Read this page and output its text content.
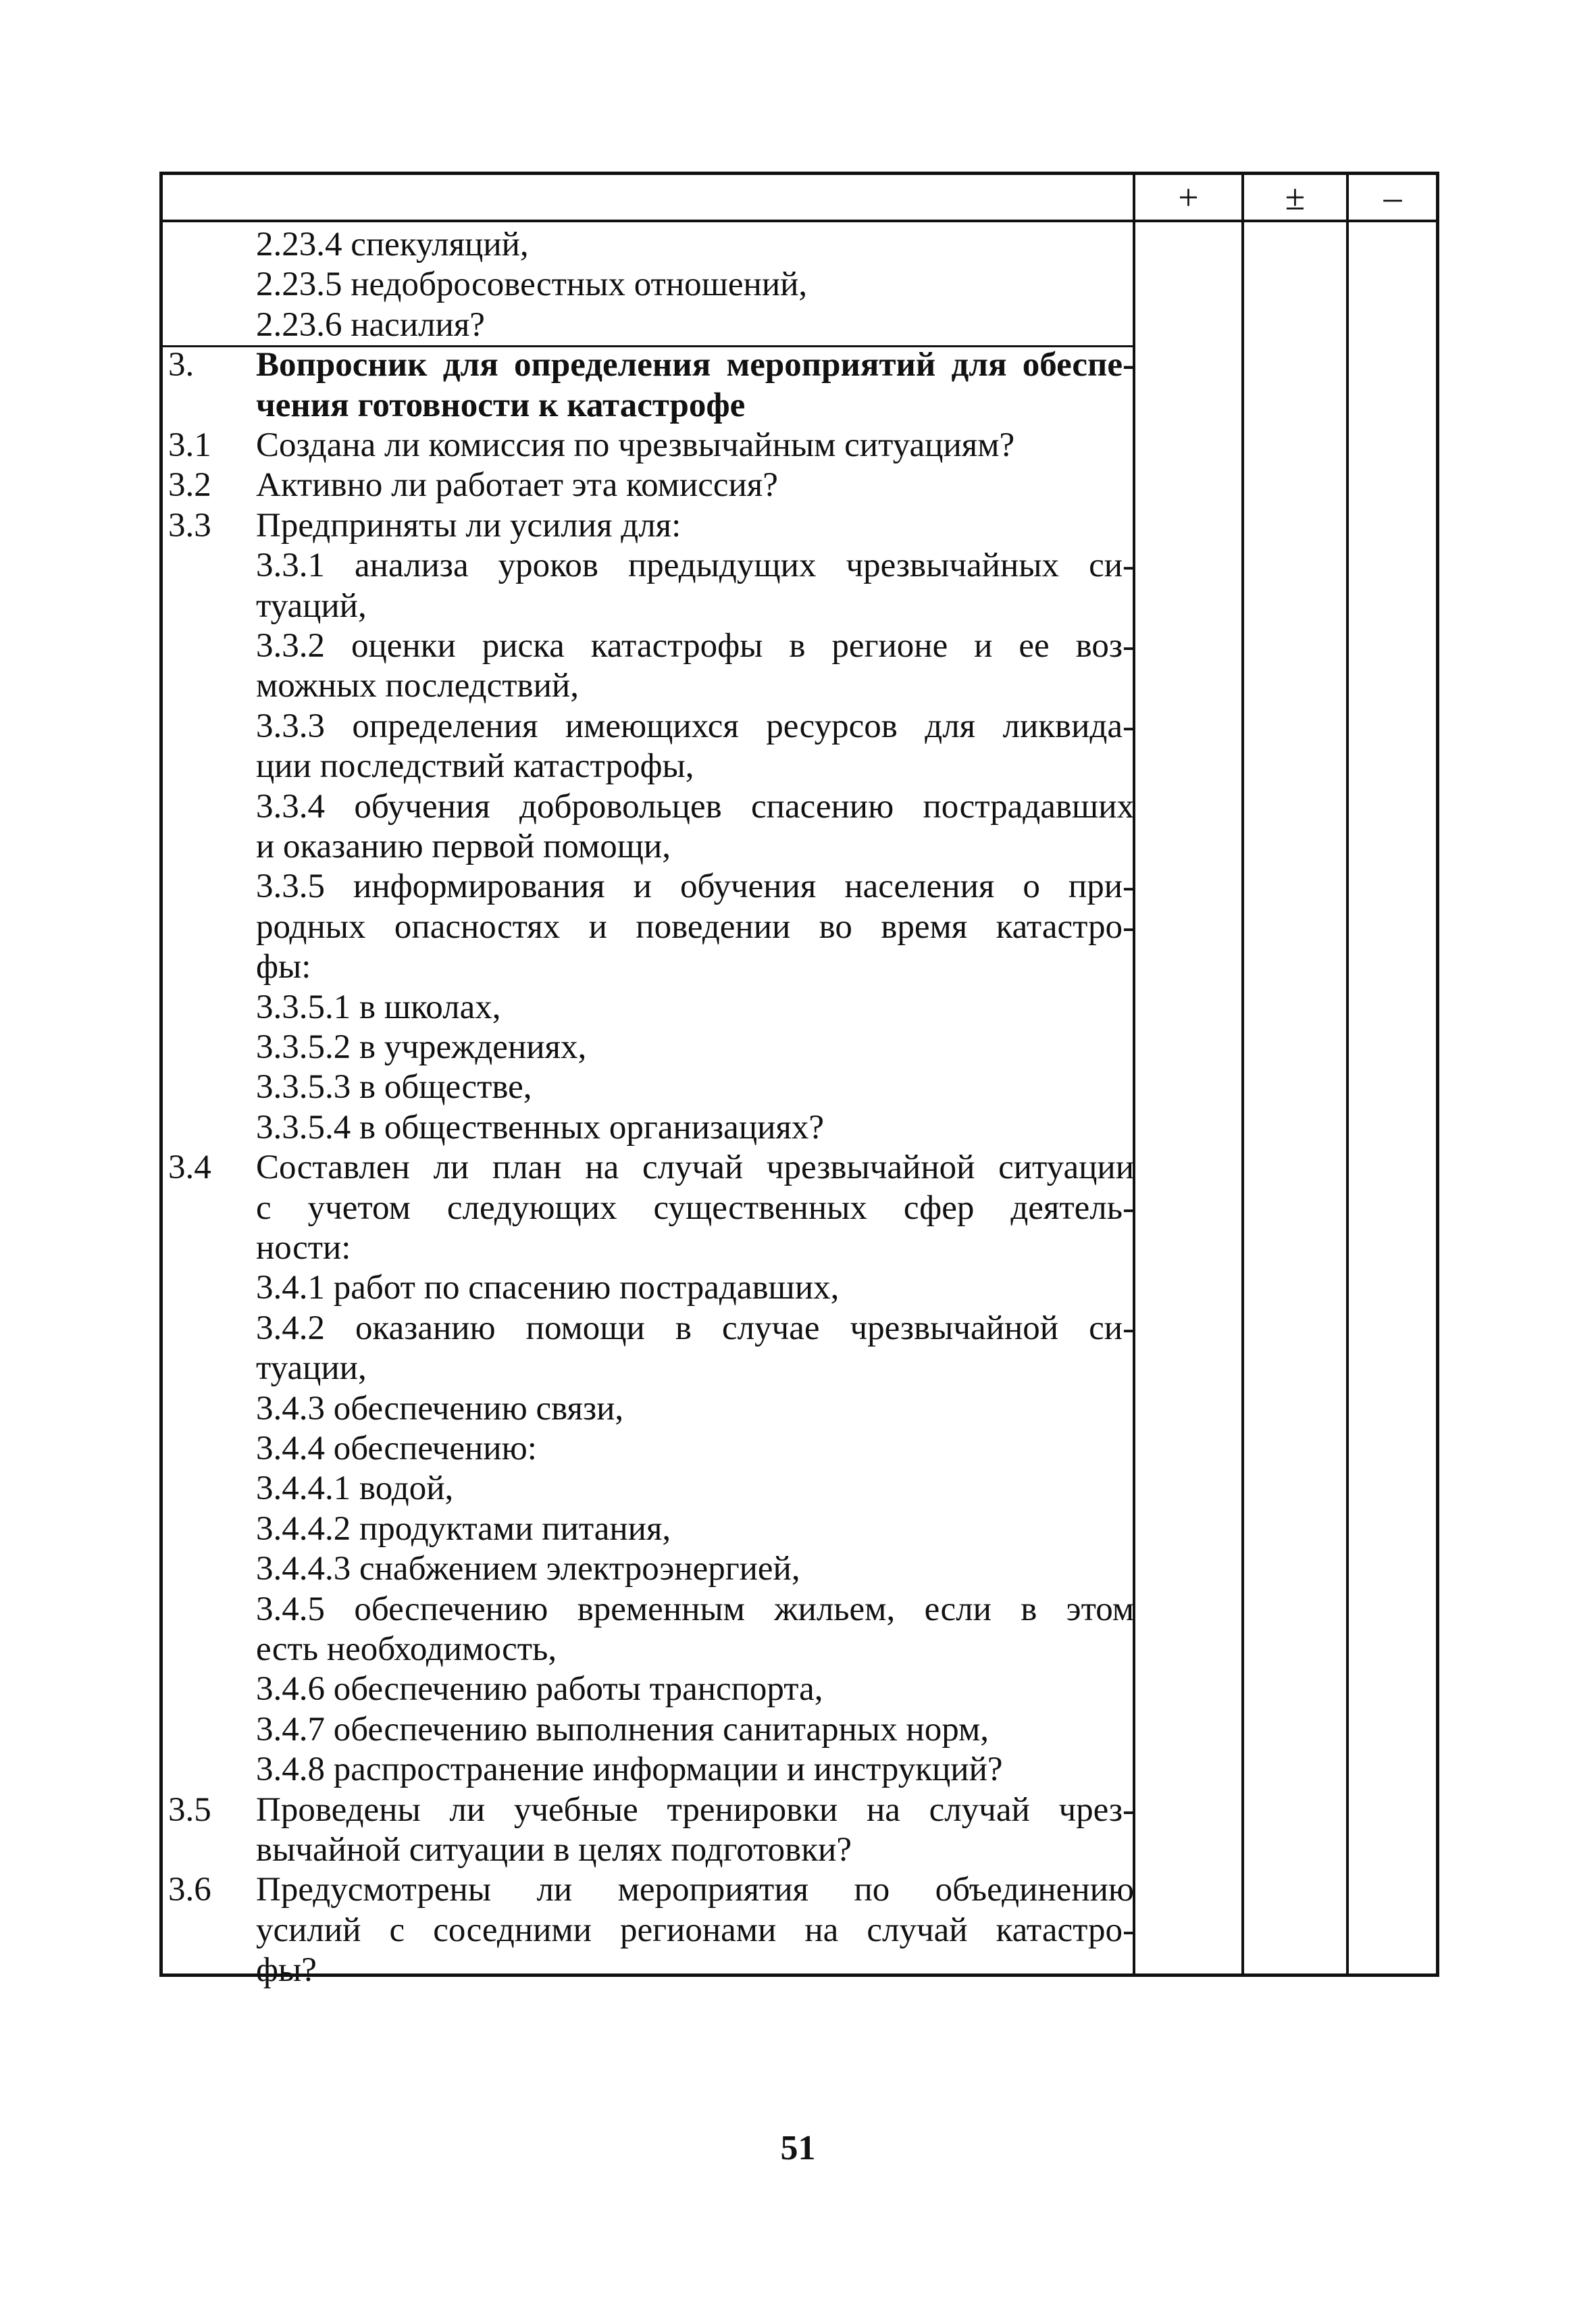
+	±	–
2.23.4 спекуляций,
2.23.5 недобросовестных отношений,
2.23.6 насилия?
3. Вопросник для определения мероприятий для обеспе-
чения готовности к катастрофе
3.1 Создана ли комиссия по чрезвычайным ситуациям?
3.2 Активно ли работает эта комиссия?
3.3 Предприняты ли усилия для:
3.3.1 анализа уроков предыдущих чрезвычайных си-
туаций,
3.3.2 оценки риска катастрофы в регионе и ее воз-
можных последствий,
3.3.3 определения имеющихся ресурсов для ликвида-
ции последствий катастрофы,
3.3.4 обучения добровольцев спасению пострадавших
и оказанию первой помощи,
3.3.5 информирования и обучения населения о при-
родных опасностях и поведении во время катастро-
фы:
3.3.5.1 в школах,
3.3.5.2 в учреждениях,
3.3.5.3 в обществе,
3.3.5.4 в общественных организациях?
3.4 Составлен ли план на случай чрезвычайной ситуации
с учетом следующих существенных сфер деятель-
ности:
3.4.1 работ по спасению пострадавших,
3.4.2 оказанию помощи в случае чрезвычайной си-
туации,
3.4.3 обеспечению связи,
3.4.4 обеспечению:
3.4.4.1 водой,
3.4.4.2 продуктами питания,
3.4.4.3 снабжением электроэнергией,
3.4.5 обеспечению временным жильем, если в этом
есть необходимость,
3.4.6 обеспечению работы транспорта,
3.4.7 обеспечению выполнения санитарных норм,
3.4.8 распространение информации и инструкций?
3.5 Проведены ли учебные тренировки на случай чрез-
вычайной ситуации в целях подготовки?
3.6 Предусмотрены ли мероприятия по объединению
усилий с соседними регионами на случай катастро-
фы?
51
